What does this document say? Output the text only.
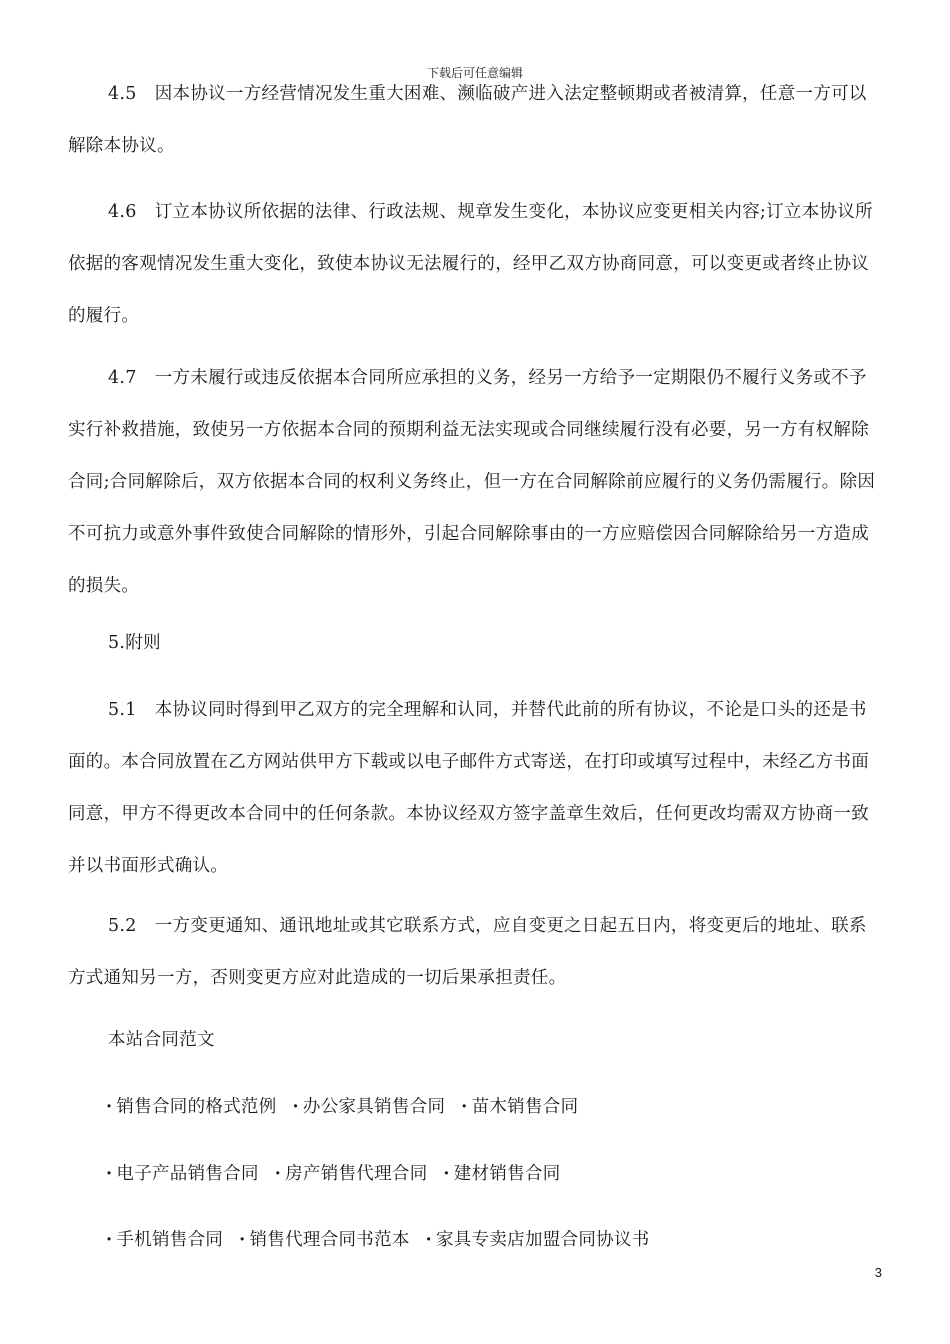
下载后可任意编辑

4.5 因本协议一方经营情况发生重大困难、濒临破产进入法定整顿期或者被清算，任意一方可以解除本协议。

4.6 订立本协议所依据的法律、行政法规、规章发生变化，本协议应变更相关内容;订立本协议所依据的客观情况发生重大变化，致使本协议无法履行的，经甲乙双方协商同意，可以变更或者终止协议的履行。

4.7 一方未履行或违反依据本合同所应承担的义务，经另一方给予一定期限仍不履行义务或不予实行补救措施，致使另一方依据本合同的预期利益无法实现或合同继续履行没有必要，另一方有权解除合同;合同解除后，双方依据本合同的权利义务终止，但一方在合同解除前应履行的义务仍需履行。除因不可抗力或意外事件致使合同解除的情形外，引起合同解除事由的一方应赔偿因合同解除给另一方造成的损失。

5.附则

5.1 本协议同时得到甲乙双方的完全理解和认同，并替代此前的所有协议，不论是口头的还是书面的。本合同放置在乙方网站供甲方下载或以电子邮件方式寄送，在打印或填写过程中，未经乙方书面同意，甲方不得更改本合同中的任何条款。本协议经双方签字盖章生效后，任何更改均需双方协商一致并以书面形式确认。

5.2 一方变更通知、通讯地址或其它联系方式，应自变更之日起五日内，将变更后的地址、联系方式通知另一方，否则变更方应对此造成的一切后果承担责任。

本站合同范文
· 销售合同的格式范例 · 办公家具销售合同 · 苗木销售合同
· 电子产品销售合同 · 房产销售代理合同 · 建材销售合同
· 手机销售合同 · 销售代理合同书范本 · 家具专卖店加盟合同协议书
3
